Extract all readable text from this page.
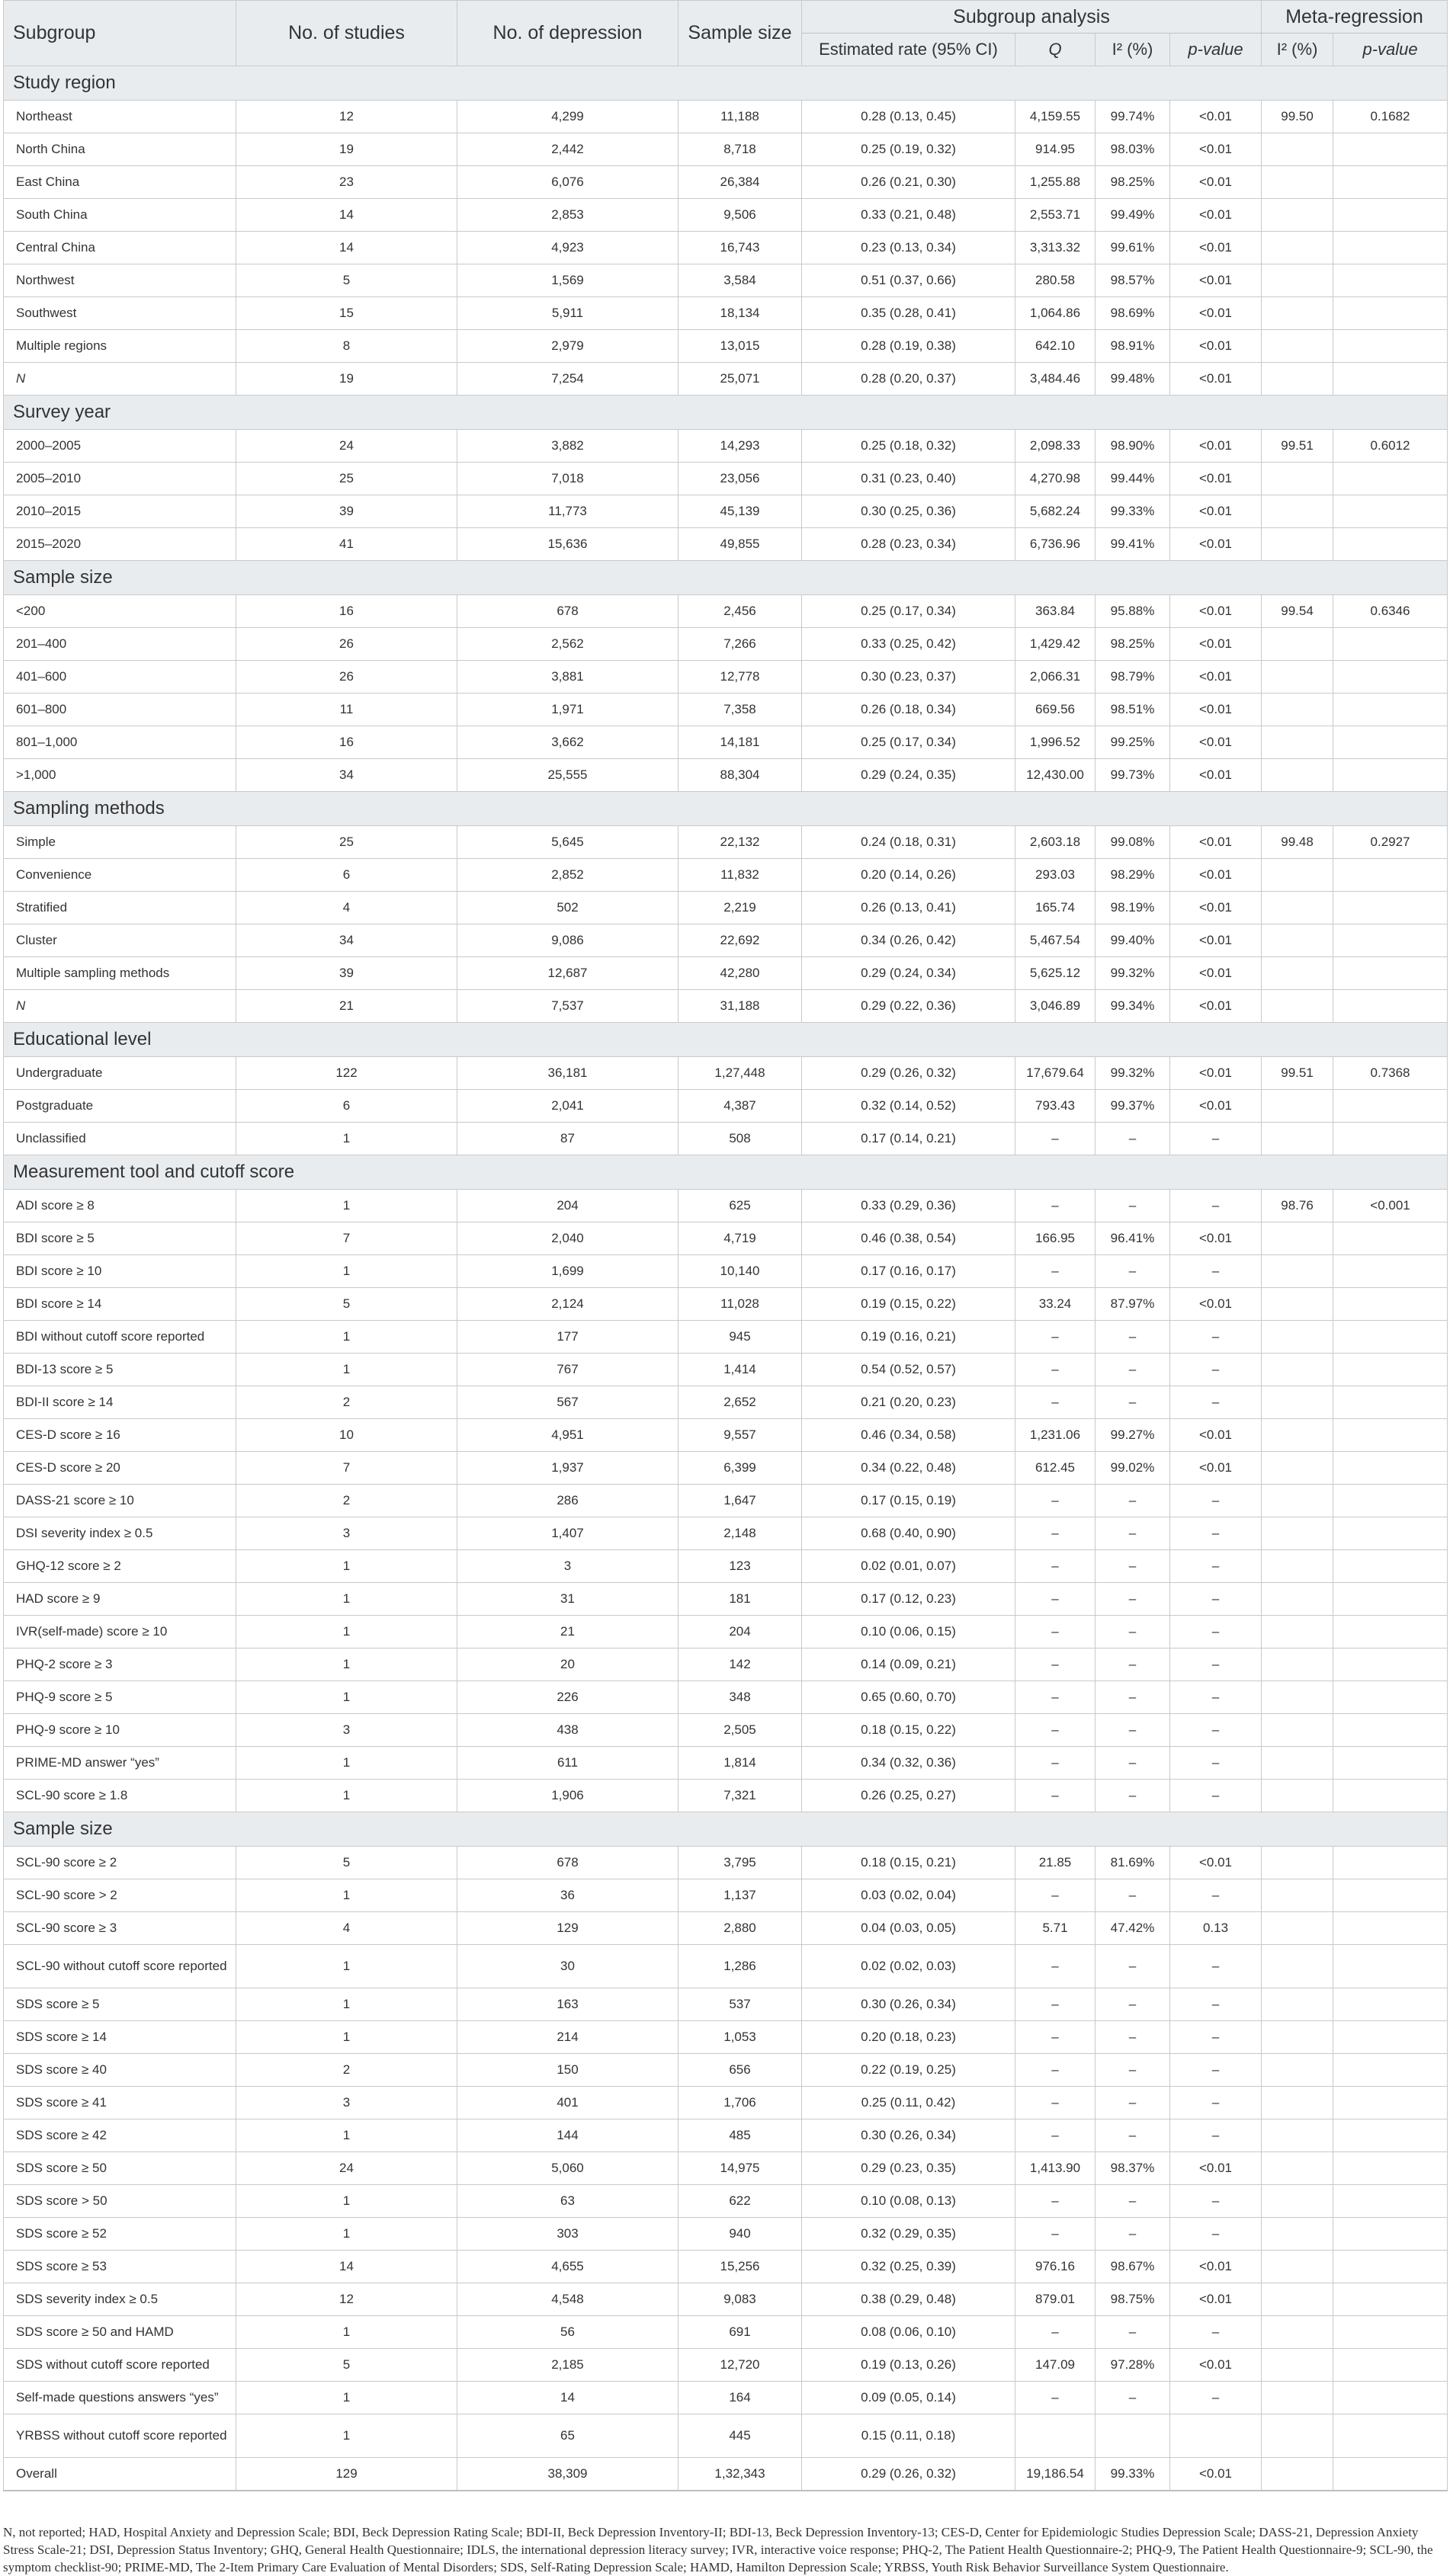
Subgroup	No. of studies	No. of depression	Sample size	Subgroup analysis				Meta-regression	
				Estimated rate (95% CI)	Q	I² (%)	p-value	I² (%)	p-value
Study region									
Northeast	12	4,299	11,188	0.28 (0.13, 0.45)	4,159.55	99.74%	<0.01	99.50	0.1682
North China	19	2,442	8,718	0.25 (0.19, 0.32)	914.95	98.03%	<0.01		
East China	23	6,076	26,384	0.26 (0.21, 0.30)	1,255.88	98.25%	<0.01		
South China	14	2,853	9,506	0.33 (0.21, 0.48)	2,553.71	99.49%	<0.01		
Central China	14	4,923	16,743	0.23 (0.13, 0.34)	3,313.32	99.61%	<0.01		
Northwest	5	1,569	3,584	0.51 (0.37, 0.66)	280.58	98.57%	<0.01		
Southwest	15	5,911	18,134	0.35 (0.28, 0.41)	1,064.86	98.69%	<0.01		
Multiple regions	8	2,979	13,015	0.28 (0.19, 0.38)	642.10	98.91%	<0.01		
N	19	7,254	25,071	0.28 (0.20, 0.37)	3,484.46	99.48%	<0.01		
Survey year									
2000–2005	24	3,882	14,293	0.25 (0.18, 0.32)	2,098.33	98.90%	<0.01	99.51	0.6012
2005–2010	25	7,018	23,056	0.31 (0.23, 0.40)	4,270.98	99.44%	<0.01		
2010–2015	39	11,773	45,139	0.30 (0.25, 0.36)	5,682.24	99.33%	<0.01		
2015–2020	41	15,636	49,855	0.28 (0.23, 0.34)	6,736.96	99.41%	<0.01		
Sample size									
<200	16	678	2,456	0.25 (0.17, 0.34)	363.84	95.88%	<0.01	99.54	0.6346
201–400	26	2,562	7,266	0.33 (0.25, 0.42)	1,429.42	98.25%	<0.01		
401–600	26	3,881	12,778	0.30 (0.23, 0.37)	2,066.31	98.79%	<0.01		
601–800	11	1,971	7,358	0.26 (0.18, 0.34)	669.56	98.51%	<0.01		
801–1,000	16	3,662	14,181	0.25 (0.17, 0.34)	1,996.52	99.25%	<0.01		
>1,000	34	25,555	88,304	0.29 (0.24, 0.35)	12,430.00	99.73%	<0.01		
Sampling methods									
Simple	25	5,645	22,132	0.24 (0.18, 0.31)	2,603.18	99.08%	<0.01	99.48	0.2927
Convenience	6	2,852	11,832	0.20 (0.14, 0.26)	293.03	98.29%	<0.01		
Stratified	4	502	2,219	0.26 (0.13, 0.41)	165.74	98.19%	<0.01		
Cluster	34	9,086	22,692	0.34 (0.26, 0.42)	5,467.54	99.40%	<0.01		
Multiple sampling methods	39	12,687	42,280	0.29 (0.24, 0.34)	5,625.12	99.32%	<0.01		
N	21	7,537	31,188	0.29 (0.22, 0.36)	3,046.89	99.34%	<0.01		
Educational level									
Undergraduate	122	36,181	1,27,448	0.29 (0.26, 0.32)	17,679.64	99.32%	<0.01	99.51	0.7368
Postgraduate	6	2,041	4,387	0.32 (0.14, 0.52)	793.43	99.37%	<0.01		
Unclassified	1	87	508	0.17 (0.14, 0.21)	–	–	–		
Measurement tool and cutoff score									
ADI score ≥ 8	1	204	625	0.33 (0.29, 0.36)	–	–	–	98.76	<0.001
BDI score ≥ 5	7	2,040	4,719	0.46 (0.38, 0.54)	166.95	96.41%	<0.01		
BDI score ≥ 10	1	1,699	10,140	0.17 (0.16, 0.17)	–	–	–		
BDI score ≥ 14	5	2,124	11,028	0.19 (0.15, 0.22)	33.24	87.97%	<0.01		
BDI without cutoff score reported	1	177	945	0.19 (0.16, 0.21)	–	–	–		
BDI-13 score ≥ 5	1	767	1,414	0.54 (0.52, 0.57)	–	–	–		
BDI-II score ≥ 14	2	567	2,652	0.21 (0.20, 0.23)	–	–	–		
CES-D score ≥ 16	10	4,951	9,557	0.46 (0.34, 0.58)	1,231.06	99.27%	<0.01		
CES-D score ≥ 20	7	1,937	6,399	0.34 (0.22, 0.48)	612.45	99.02%	<0.01		
DASS-21 score ≥ 10	2	286	1,647	0.17 (0.15, 0.19)	–	–	–		
DSI severity index ≥ 0.5	3	1,407	2,148	0.68 (0.40, 0.90)	–	–	–		
GHQ-12 score ≥ 2	1	3	123	0.02 (0.01, 0.07)	–	–	–		
HAD score ≥ 9	1	31	181	0.17 (0.12, 0.23)	–	–	–		
IVR(self-made) score ≥ 10	1	21	204	0.10 (0.06, 0.15)	–	–	–		
PHQ-2 score ≥ 3	1	20	142	0.14 (0.09, 0.21)	–	–	–		
PHQ-9 score ≥ 5	1	226	348	0.65 (0.60, 0.70)	–	–	–		
PHQ-9 score ≥ 10	3	438	2,505	0.18 (0.15, 0.22)	–	–	–		
PRIME-MD answer “yes”	1	611	1,814	0.34 (0.32, 0.36)	–	–	–		
SCL-90 score ≥ 1.8	1	1,906	7,321	0.26 (0.25, 0.27)	–	–	–		
Sample size									
SCL-90 score ≥ 2	5	678	3,795	0.18 (0.15, 0.21)	21.85	81.69%	<0.01		
SCL-90 score > 2	1	36	1,137	0.03 (0.02, 0.04)	–	–	–		
SCL-90 score ≥ 3	4	129	2,880	0.04 (0.03, 0.05)	5.71	47.42%	0.13		
SCL-90 without cutoff score reported	1	30	1,286	0.02 (0.02, 0.03)	–	–	–		
SDS score ≥ 5	1	163	537	0.30 (0.26, 0.34)	–	–	–		
SDS score ≥ 14	1	214	1,053	0.20 (0.18, 0.23)	–	–	–		
SDS score ≥ 40	2	150	656	0.22 (0.19, 0.25)	–	–	–		
SDS score ≥ 41	3	401	1,706	0.25 (0.11, 0.42)	–	–	–		
SDS score ≥ 42	1	144	485	0.30 (0.26, 0.34)	–	–	–		
SDS score ≥ 50	24	5,060	14,975	0.29 (0.23, 0.35)	1,413.90	98.37%	<0.01		
SDS score > 50	1	63	622	0.10 (0.08, 0.13)	–	–	–		
SDS score ≥ 52	1	303	940	0.32 (0.29, 0.35)	–	–	–		
SDS score ≥ 53	14	4,655	15,256	0.32 (0.25, 0.39)	976.16	98.67%	<0.01		
SDS severity index ≥ 0.5	12	4,548	9,083	0.38 (0.29, 0.48)	879.01	98.75%	<0.01		
SDS score ≥ 50 and HAMD	1	56	691	0.08 (0.06, 0.10)	–	–	–		
SDS without cutoff score reported	5	2,185	12,720	0.19 (0.13, 0.26)	147.09	97.28%	<0.01		
Self-made questions answers “yes”	1	14	164	0.09 (0.05, 0.14)	–	–	–		
YRBSS without cutoff score reported	1	65	445	0.15 (0.11, 0.18)					
Overall	129	38,309	1,32,343	0.29 (0.26, 0.32)	19,186.54	99.33%	<0.01		
N, not reported; HAD, Hospital Anxiety and Depression Scale; BDI, Beck Depression Rating Scale; BDI-II, Beck Depression Inventory-II; BDI-13, Beck Depression Inventory-13; CES-D, Center for Epidemiologic Studies Depression Scale; DASS-21, Depression Anxiety Stress Scale-21; DSI, Depression Status Inventory; GHQ, General Health Questionnaire; IDLS, the international depression literacy survey; IVR, interactive voice response; PHQ-2, The Patient Health Questionnaire-2; PHQ-9, The Patient Health Questionnaire-9; SCL-90, the symptom checklist-90; PRIME-MD, The 2-Item Primary Care Evaluation of Mental Disorders; SDS, Self-Rating Depression Scale; HAMD, Hamilton Depression Scale; YRBSS, Youth Risk Behavior Surveillance System Questionnaire.
